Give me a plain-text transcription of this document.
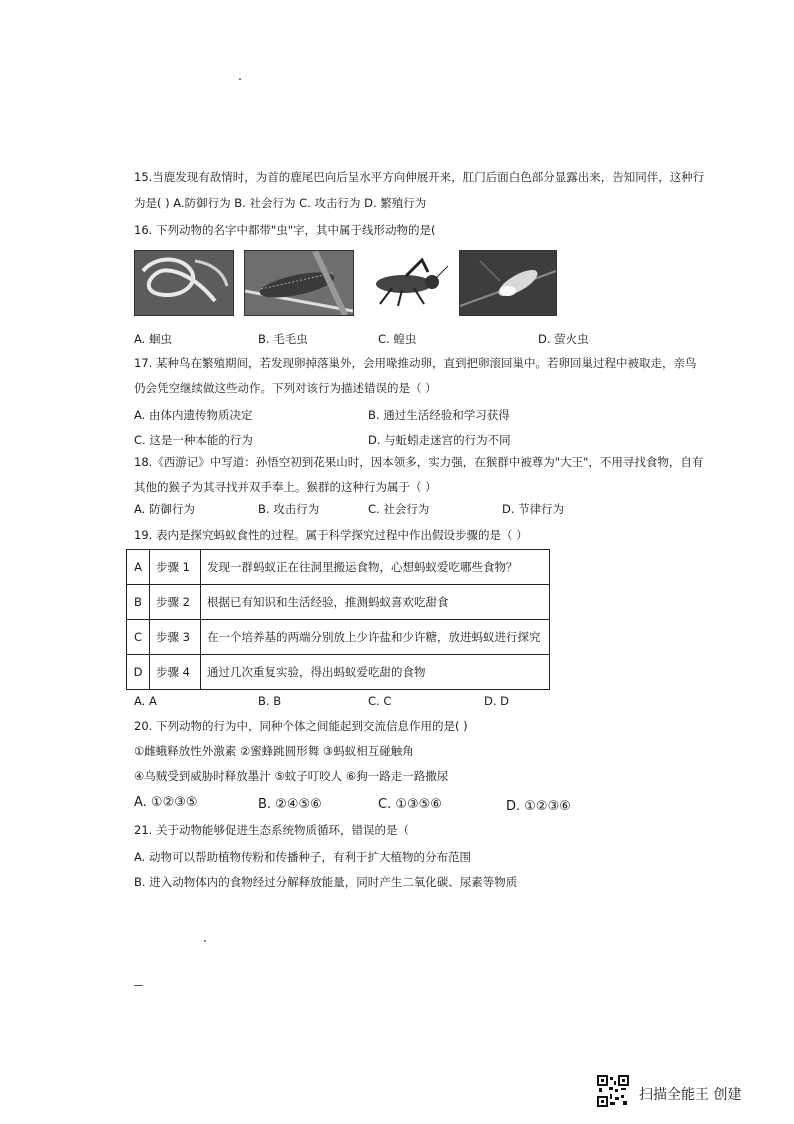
15.当鹿发现有敌情时，为首的鹿尾巴向后呈水平方向伸展开来，肛门后面白色部分显露出来，告知同伴，这种行
为是( ) A.防御行为 B. 社会行为 C. 攻击行为 D. 繁殖行为
16. 下列动物的名字中都带"虫"字，其中属于线形动物的是(
A. 蛔虫	B. 毛毛虫	C. 蝗虫	D. 萤火虫
17. 某种鸟在繁殖期间，若发现卵掉落巢外，会用喙推动卵，直到把卵滚回巢中。若卵回巢过程中被取走，亲鸟
仍会凭空继续做这些动作。下列对该行为描述错误的是（ ）
A. 由体内遗传物质决定	B. 通过生活经验和学习获得
C. 这是一种本能的行为	D. 与蚯蚓走迷宫的行为不同
18.《西游记》中写道：孙悟空初到花果山时，因本领多，实力强，在猴群中被尊为"大王"，不用寻找食物，自有
其他的猴子为其寻找并双手奉上。猴群的这种行为属于（ ）
A. 防御行为	B. 攻击行为	C. 社会行为	D. 节律行为
19. 表内是探究蚂蚁食性的过程。属于科学探究过程中作出假设步骤的是（ ）
A	步骤 1	发现一群蚂蚁正在往洞里搬运食物，心想蚂蚁爱吃哪些食物？
B	步骤 2	根据已有知识和生活经验，推测蚂蚁喜欢吃甜食
C	步骤 3	在一个培养基的两端分别放上少许盐和少许糖，放进蚂蚁进行探究
D	步骤 4	通过几次重复实验，得出蚂蚁爱吃甜的食物
A. A	B. B	C. C	D. D
20. 下列动物的行为中，同种个体之间能起到交流信息作用的是( )
①雌蛾释放性外激素 ②蜜蜂跳圆形舞 ③蚂蚁相互碰触角
④乌贼受到威胁时释放墨汁 ⑤蚊子叮咬人 ⑥狗一路走一路撒尿
A. ①②③⑤	B. ②④⑤⑥	C. ①③⑤⑥	D. ①②③⑥
21. 关于动物能够促进生态系统物质循环，错误的是（
A. 动物可以帮助植物传粉和传播种子，有利于扩大植物的分布范围
B. 进入动物体内的食物经过分解释放能量，同时产生二氧化碳、尿素等物质
扫描全能王 创建
